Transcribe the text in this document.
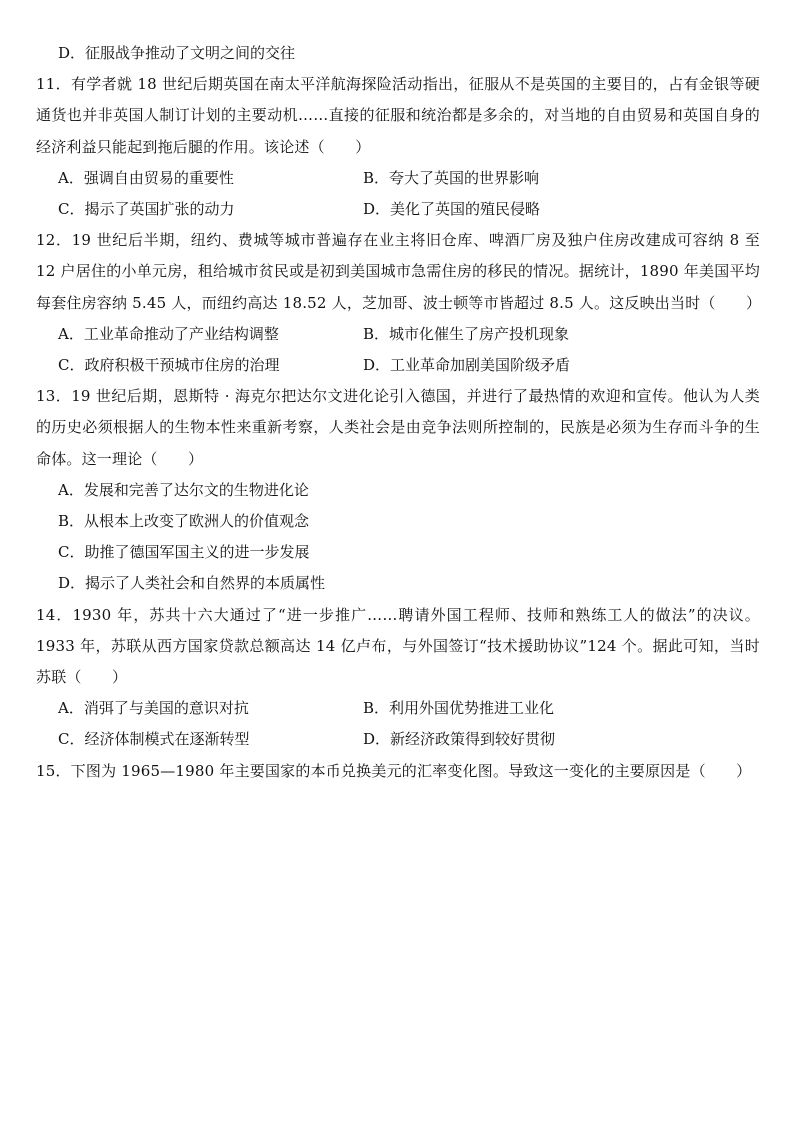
D．征服战争推动了文明之间的交往

11．有学者就 18 世纪后期英国在南太平洋航海探险活动指出，征服从不是英国的主要目的，占有金银等硬通货也并非英国人制订计划的主要动机……直接的征服和统治都是多余的，对当地的自由贸易和英国自身的经济利益只能起到拖后腿的作用。该论述（　　）

A．强调自由贸易的重要性	B．夸大了英国的世界影响
C．揭示了英国扩张的动力	D．美化了英国的殖民侵略

12．19 世纪后半期，纽约、费城等城市普遍存在业主将旧仓库、啤酒厂房及独户住房改建成可容纳 8 至 12 户居住的小单元房，租给城市贫民或是初到美国城市急需住房的移民的情况。据统计，1890 年美国平均每套住房容纳 5.45 人，而纽约高达 18.52 人，芝加哥、波士顿等市皆超过 8.5 人。这反映出当时（　　）

A．工业革命推动了产业结构调整	B．城市化催生了房产投机现象
C．政府积极干预城市住房的治理	D．工业革命加剧美国阶级矛盾

13．19 世纪后期，恩斯特 · 海克尔把达尔文进化论引入德国，并进行了最热情的欢迎和宣传。他认为人类的历史必须根据人的生物本性来重新考察，人类社会是由竞争法则所控制的，民族是必须为生存而斗争的生命体。这一理论（　　）

A．发展和完善了达尔文的生物进化论
B．从根本上改变了欧洲人的价值观念
C．助推了德国军国主义的进一步发展
D．揭示了人类社会和自然界的本质属性

14．1930 年，苏共十六大通过了“进一步推广……聘请外国工程师、技师和熟练工人的做法”的决议。1933 年，苏联从西方国家贷款总额高达 14 亿卢布，与外国签订“技术援助协议”124 个。据此可知，当时苏联（　　）

A．消弭了与美国的意识对抗	B．利用外国优势推进工业化
C．经济体制模式在逐渐转型	D．新经济政策得到较好贯彻

15．下图为 1965—1980 年主要国家的本币兑换美元的汇率变化图。导致这一变化的主要原因是（　　）
